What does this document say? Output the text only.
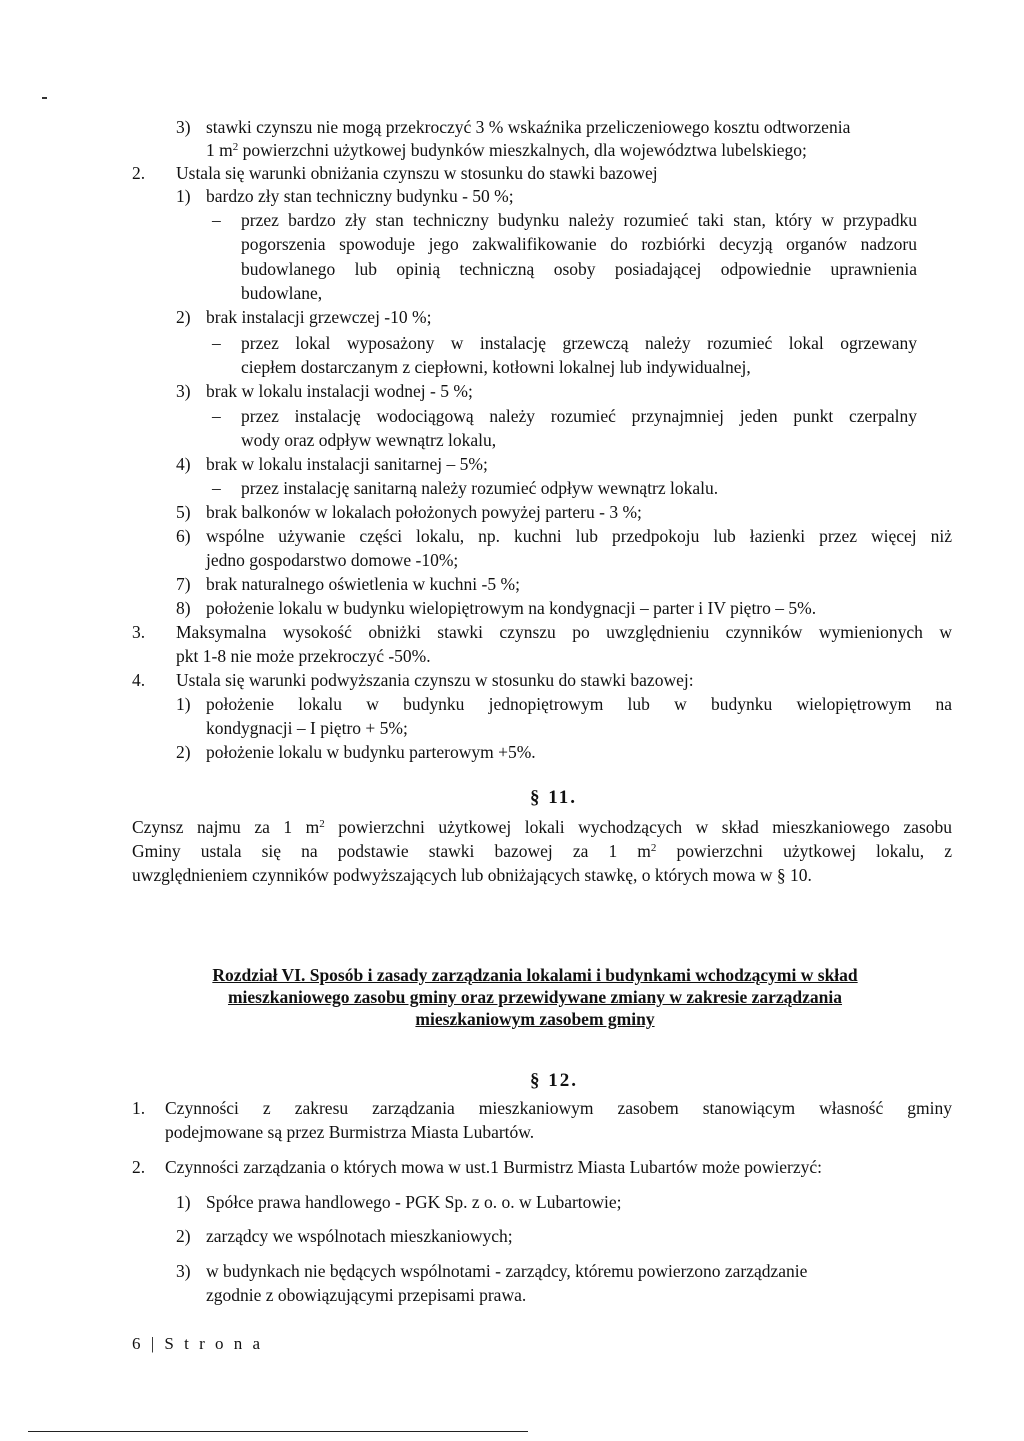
3) stawki czynszu nie mogą przekroczyć 3 % wskaźnika przeliczeniowego kosztu odtworzenia
1 $m^2$ powierzchni użytkowej budynków mieszkalnych, dla województwa lubelskiego;
2. Ustala się warunki obniżania czynszu w stosunku do stawki bazowej
1) bardzo zły stan techniczny budynku - 50 %;
– przez bardzo zły stan techniczny budynku należy rozumieć taki stan, który w przypadku
pogorszenia spowoduje jego zakwalifikowanie do rozbiórki decyzją organów nadzoru
budowlanego lub opinią techniczną osoby posiadającej odpowiednie uprawnienia
budowlane,
2) brak instalacji grzewczej -10 %;
– przez lokal wyposażony w instalację grzewczą należy rozumieć lokal ogrzewany
ciepłem dostarczanym z ciepłowni, kotłowni lokalnej lub indywidualnej,
3) brak w lokalu instalacji wodnej - 5 %;
– przez instalację wodociągową należy rozumieć przynajmniej jeden punkt czerpalny
wody oraz odpływ wewnątrz lokalu,
4) brak w lokalu instalacji sanitarnej – 5%;
– przez instalację sanitarną należy rozumieć odpływ wewnątrz lokalu.
5) brak balkonów w lokalach położonych powyżej parteru - 3 %;
6) wspólne używanie części lokalu, np. kuchni lub przedpokoju lub łazienki przez więcej niż
jedno gospodarstwo domowe -10%;
7) brak naturalnego oświetlenia w kuchni -5 %;
8) położenie lokalu w budynku wielopiętrowym na kondygnacji – parter i IV piętro – 5%.
3. Maksymalna wysokość obniżki stawki czynszu po uwzględnieniu czynników wymienionych w
pkt 1-8 nie może przekroczyć -50%.
4. Ustala się warunki podwyższania czynszu w stosunku do stawki bazowej:
1) położenie lokalu w budynku jednopiętrowym lub w budynku wielopiętrowym na
kondygnacji – I piętro + 5%;
2) położenie lokalu w budynku parterowym +5%.
§ 11.
Czynsz najmu za 1 $m^2$ powierzchni użytkowej lokali wychodzących w skład mieszkaniowego zasobu
Gminy ustala się na podstawie stawki bazowej za 1 $m^2$ powierzchni użytkowej lokalu, z
uwzględnieniem czynników podwyższających lub obniżających stawkę, o których mowa w § 10.
Rozdział VI. Sposób i zasady zarządzania lokalami i budynkami wchodzącymi w skład
mieszkaniowego zasobu gminy oraz przewidywane zmiany w zakresie zarządzania
mieszkaniowym zasobem gminy
§ 12.
1. Czynności z zakresu zarządzania mieszkaniowym zasobem stanowiącym własność gminy
podejmowane są przez Burmistrza Miasta Lubartów.
2. Czynności zarządzania o których mowa w ust.1 Burmistrz Miasta Lubartów może powierzyć:
1) Spółce prawa handlowego - PGK Sp. z o. o. w Lubartowie;
2) zarządcy we wspólnotach mieszkaniowych;
3) w budynkach nie będących wspólnotami - zarządcy, któremu powierzono zarządzanie
zgodnie z obowiązującymi przepisami prawa.
6 | S t r o n a
